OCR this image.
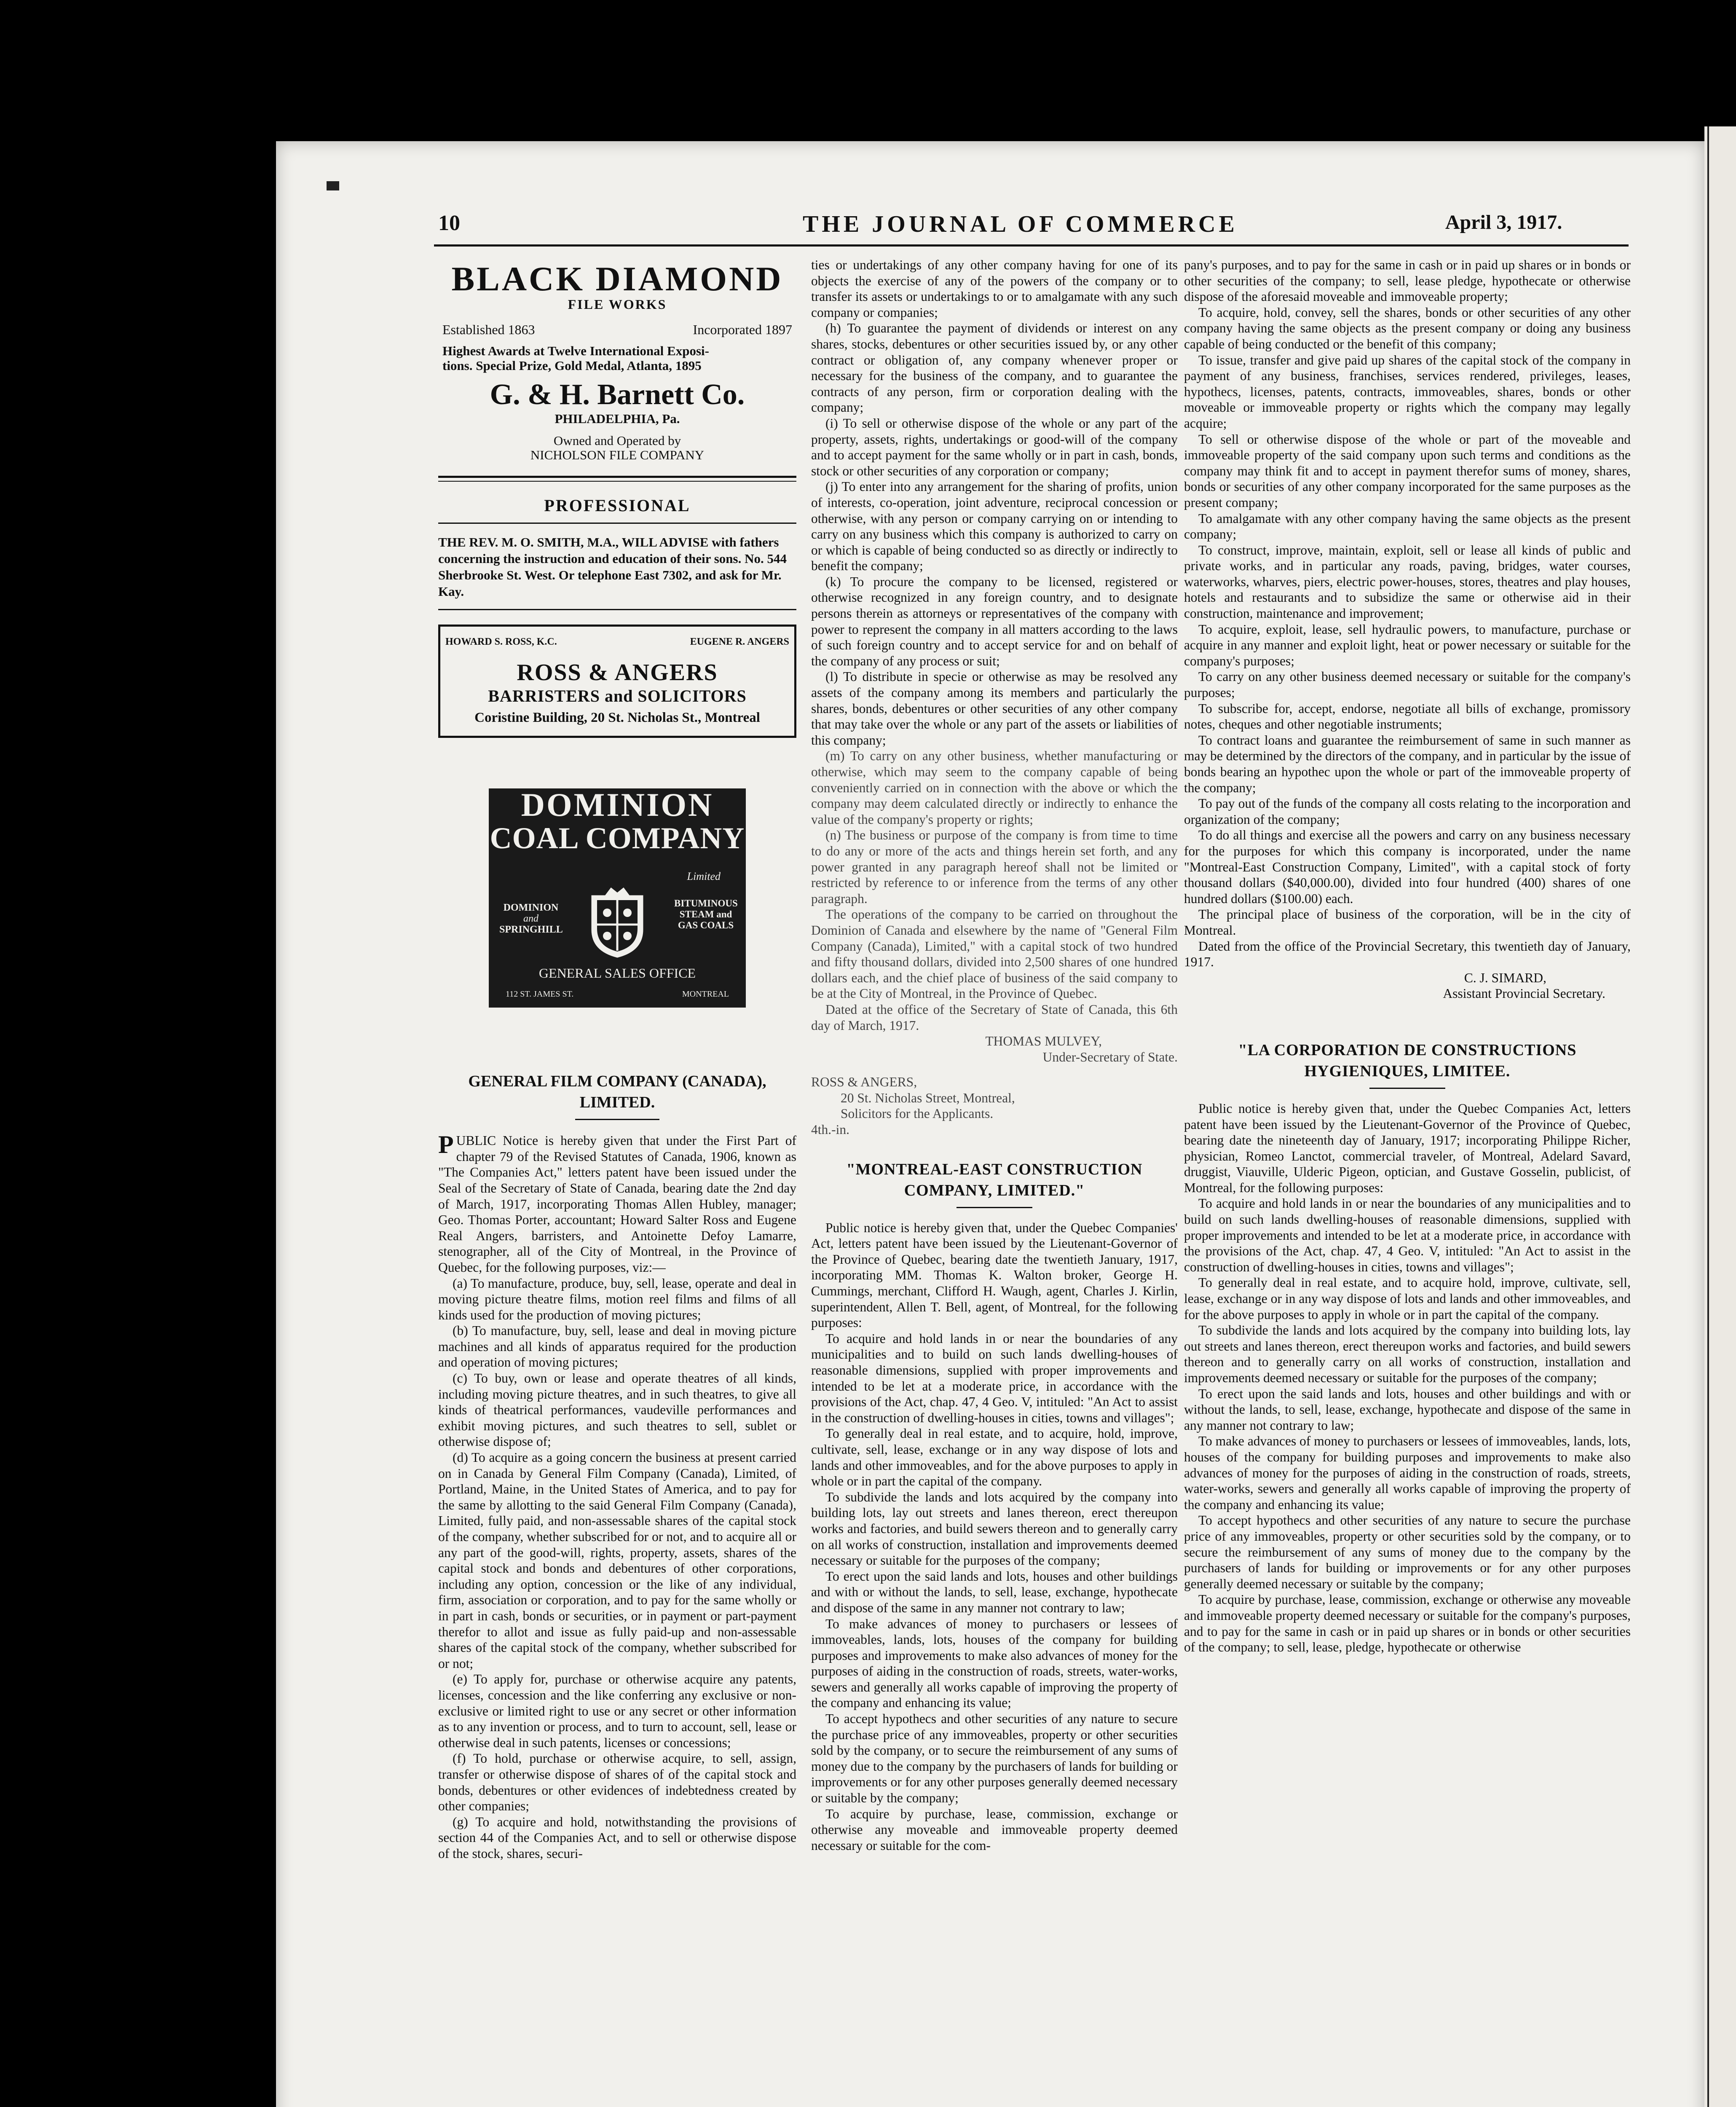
10	THE JOURNAL OF COMMERCE	April 3, 1917.
BLACK DIAMOND
FILE WORKS
Established 1863	Incorporated 1897
Highest Awards at Twelve International Exposi-
tions. Special Prize, Gold Medal, Atlanta, 1895
G. & H. Barnett Co.
PHILADELPHIA, Pa.
Owned and Operated by
NICHOLSON FILE COMPANY
PROFESSIONAL
THE REV. M. O. SMITH, M.A., WILL ADVISE with fathers concerning the instruction and education of their sons. No. 544 Sherbrooke St. West. Or telephone East 7302, and ask for Mr. Kay.
HOWARD S. ROSS, K.C.	EUGENE R. ANGERS
ROSS & ANGERS
BARRISTERS and SOLICITORS
Coristine Building, 20 St. Nicholas St., Montreal
DOMINION
COAL COMPANY
Limited
DOMINION
and
SPRINGHILL
BITUMINOUS
STEAM and
GAS COALS
GENERAL SALES OFFICE
112 ST. JAMES ST.	MONTREAL
GENERAL FILM COMPANY (CANADA), LIMITED.

PUBLIC Notice is hereby given that under the First Part of chapter 79 of the Revised Statutes of Canada, 1906, known as "The Companies Act," letters patent have been issued under the Seal of the Secretary of State of Canada, bearing date the 2nd day of March, 1917, incorporating Thomas Allen Hubley, manager; Geo. Thomas Porter, accountant; Howard Salter Ross and Eugene Real Angers, barristers, and Antoinette Defoy Lamarre, stenographer, all of the City of Montreal, in the Province of Quebec, for the following purposes, viz:—

(a) To manufacture, produce, buy, sell, lease, operate and deal in moving picture theatre films, motion reel films and films of all kinds used for the production of moving pictures;

(b) To manufacture, buy, sell, lease and deal in moving picture machines and all kinds of apparatus required for the production and operation of moving pictures;

(c) To buy, own or lease and operate theatres of all kinds, including moving picture theatres, and in such theatres, to give all kinds of theatrical performances, vaudeville performances and exhibit moving pictures, and such theatres to sell, sublet or otherwise dispose of;

(d) To acquire as a going concern the business at present carried on in Canada by General Film Company (Canada), Limited, of Portland, Maine, in the United States of America, and to pay for the same by allotting to the said General Film Company (Canada), Limited, fully paid, and non-assessable shares of the capital stock of the company, whether subscribed for or not, and to acquire all or any part of the good-will, rights, property, assets, shares of the capital stock and bonds and debentures of other corporations, including any option, concession or the like of any individual, firm, association or corporation, and to pay for the same wholly or in part in cash, bonds or securities, or in payment or part-payment therefor to allot and issue as fully paid-up and non-assessable shares of the capital stock of the company, whether subscribed for or not;

(e) To apply for, purchase or otherwise acquire any patents, licenses, concession and the like conferring any exclusive or non-exclusive or limited right to use or any secret or other information as to any invention or process, and to turn to account, sell, lease or otherwise deal in such patents, licenses or concessions;

(f) To hold, purchase or otherwise acquire, to sell, assign, transfer or otherwise dispose of shares of of the capital stock and bonds, debentures or other evidences of indebtedness created by other companies;

(g) To acquire and hold, notwithstanding the provisions of section 44 of the Companies Act, and to sell or otherwise dispose of the stock, shares, securi-

ties or undertakings of any other company having for one of its objects the exercise of any of the powers of the company or to transfer its assets or undertakings to or to amalgamate with any such company or companies;

(h) To guarantee the payment of dividends or interest on any shares, stocks, debentures or other securities issued by, or any other contract or obligation of, any company whenever proper or necessary for the business of the company, and to guarantee the contracts of any person, firm or corporation dealing with the company;

(i) To sell or otherwise dispose of the whole or any part of the property, assets, rights, undertakings or good-will of the company and to accept payment for the same wholly or in part in cash, bonds, stock or other securities of any corporation or company;

(j) To enter into any arrangement for the sharing of profits, union of interests, co-operation, joint adventure, reciprocal concession or otherwise, with any person or company carrying on or intending to carry on any business which this company is authorized to carry on or which is capable of being conducted so as directly or indirectly to benefit the company;

(k) To procure the company to be licensed, registered or otherwise recognized in any foreign country, and to designate persons therein as attorneys or representatives of the company with power to represent the company in all matters according to the laws of such foreign country and to accept service for and on behalf of the company of any process or suit;

(l) To distribute in specie or otherwise as may be resolved any assets of the company among its members and particularly the shares, bonds, debentures or other securities of any other company that may take over the whole or any part of the assets or liabilities of this company;

(m) To carry on any other business, whether manufacturing or otherwise, which may seem to the company capable of being conveniently carried on in connection with the above or which the company may deem calculated directly or indirectly to enhance the value of the company's property or rights;

(n) The business or purpose of the company is from time to time to do any or more of the acts and things herein set forth, and any power granted in any paragraph hereof shall not be limited or restricted by reference to or inference from the terms of any other paragraph.

The operations of the company to be carried on throughout the Dominion of Canada and elsewhere by the name of "General Film Company (Canada), Limited," with a capital stock of two hundred and fifty thousand dollars, divided into 2,500 shares of one hundred dollars each, and the chief place of business of the said company to be at the City of Montreal, in the Province of Quebec.

Dated at the office of the Secretary of State of Canada, this 6th day of March, 1917.

THOMAS MULVEY,
Under-Secretary of State.
ROSS & ANGERS,
20 St. Nicholas Street, Montreal,
Solicitors for the Applicants.
4th.-in.
"MONTREAL-EAST CONSTRUCTION COMPANY, LIMITED."

Public notice is hereby given that, under the Quebec Companies' Act, letters patent have been issued by the Lieutenant-Governor of the Province of Quebec, bearing date the twentieth January, 1917, incorporating MM. Thomas K. Walton broker, George H. Cummings, merchant, Clifford H. Waugh, agent, Charles J. Kirlin, superintendent, Allen T. Bell, agent, of Montreal, for the following purposes:

To acquire and hold lands in or near the boundaries of any municipalities and to build on such lands dwelling-houses of reasonable dimensions, supplied with proper improvements and intended to be let at a moderate price, in accordance with the provisions of the Act, chap. 47, 4 Geo. V, intituled: "An Act to assist in the construction of dwelling-houses in cities, towns and villages";

To generally deal in real estate, and to acquire, hold, improve, cultivate, sell, lease, exchange or in any way dispose of lots and lands and other immoveables, and for the above purposes to apply in whole or in part the capital of the company.

To subdivide the lands and lots acquired by the company into building lots, lay out streets and lanes thereon, erect thereupon works and factories, and build sewers thereon and to generally carry on all works of construction, installation and improvements deemed necessary or suitable for the purposes of the company;

To erect upon the said lands and lots, houses and other buildings and with or without the lands, to sell, lease, exchange, hypothecate and dispose of the same in any manner not contrary to law;

To make advances of money to purchasers or lessees of immoveables, lands, lots, houses of the company for building purposes and improvements to make also advances of money for the purposes of aiding in the construction of roads, streets, water-works, sewers and generally all works capable of improving the property of the company and enhancing its value;

To accept hypothecs and other securities of any nature to secure the purchase price of any immoveables, property or other securities sold by the company, or to secure the reimbursement of any sums of money due to the company by the purchasers of lands for building or improvements or for any other purposes generally deemed necessary or suitable by the company;

To acquire by purchase, lease, commission, exchange or otherwise any moveable and immoveable property deemed necessary or suitable for the com-

pany's purposes, and to pay for the same in cash or in paid up shares or in bonds or other securities of the company; to sell, lease pledge, hypothecate or otherwise dispose of the aforesaid moveable and immoveable property;

To acquire, hold, convey, sell the shares, bonds or other securities of any other company having the same objects as the present company or doing any business capable of being conducted or the benefit of this company;

To issue, transfer and give paid up shares of the capital stock of the company in payment of any business, franchises, services rendered, privileges, leases, hypothecs, licenses, patents, contracts, immoveables, shares, bonds or other moveable or immoveable property or rights which the company may legally acquire;

To sell or otherwise dispose of the whole or part of the moveable and immoveable property of the said company upon such terms and conditions as the company may think fit and to accept in payment therefor sums of money, shares, bonds or securities of any other company incorporated for the same purposes as the present company;

To amalgamate with any other company having the same objects as the present company;

To construct, improve, maintain, exploit, sell or lease all kinds of public and private works, and in particular any roads, paving, bridges, water courses, waterworks, wharves, piers, electric power-houses, stores, theatres and play houses, hotels and restaurants and to subsidize the same or otherwise aid in their construction, maintenance and improvement;

To acquire, exploit, lease, sell hydraulic powers, to manufacture, purchase or acquire in any manner and exploit light, heat or power necessary or suitable for the company's purposes;

To carry on any other business deemed necessary or suitable for the company's purposes;

To subscribe for, accept, endorse, negotiate all bills of exchange, promissory notes, cheques and other negotiable instruments;

To contract loans and guarantee the reimbursement of same in such manner as may be determined by the directors of the company, and in particular by the issue of bonds bearing an hypothec upon the whole or part of the immoveable property of the company;

To pay out of the funds of the company all costs relating to the incorporation and organization of the company;

To do all things and exercise all the powers and carry on any business necessary for the purposes for which this company is incorporated, under the name "Montreal-East Construction Company, Limited", with a capital stock of forty thousand dollars ($40,000.00), divided into four hundred (400) shares of one hundred dollars ($100.00) each.

The principal place of business of the corporation, will be in the city of Montreal.

Dated from the office of the Provincial Secretary, this twentieth day of January, 1917.

C. J. SIMARD,
Assistant Provincial Secretary.
"LA CORPORATION DE CONSTRUCTIONS HYGIENIQUES, LIMITEE.

Public notice is hereby given that, under the Quebec Companies Act, letters patent have been issued by the Lieutenant-Governor of the Province of Quebec, bearing date the nineteenth day of January, 1917; incorporating Philippe Richer, physician, Romeo Lanctot, commercial traveler, of Montreal, Adelard Savard, druggist, Viauville, Ulderic Pigeon, optician, and Gustave Gosselin, publicist, of Montreal, for the following purposes:

To acquire and hold lands in or near the boundaries of any municipalities and to build on such lands dwelling-houses of reasonable dimensions, supplied with proper improvements and intended to be let at a moderate price, in accordance with the provisions of the Act, chap. 47, 4 Geo. V, intituled: "An Act to assist in the construction of dwelling-houses in cities, towns and villages";

To generally deal in real estate, and to acquire hold, improve, cultivate, sell, lease, exchange or in any way dispose of lots and lands and other immoveables, and for the above purposes to apply in whole or in part the capital of the company.

To subdivide the lands and lots acquired by the company into building lots, lay out streets and lanes thereon, erect thereupon works and factories, and build sewers thereon and to generally carry on all works of construction, installation and improvements deemed necessary or suitable for the purposes of the company;

To erect upon the said lands and lots, houses and other buildings and with or without the lands, to sell, lease, exchange, hypothecate and dispose of the same in any manner not contrary to law;

To make advances of money to purchasers or lessees of immoveables, lands, lots, houses of the company for building purposes and improvements to make also advances of money for the purposes of aiding in the construction of roads, streets, water-works, sewers and generally all works capable of improving the property of the company and enhancing its value;

To accept hypothecs and other securities of any nature to secure the purchase price of any immoveables, property or other securities sold by the company, or to secure the reimbursement of any sums of money due to the company by the purchasers of lands for building or improvements or for any other purposes generally deemed necessary or suitable by the company;

To acquire by purchase, lease, commission, exchange or otherwise any moveable and immoveable property deemed necessary or suitable for the company's purposes, and to pay for the same in cash or in paid up shares or in bonds or other securities of the company; to sell, lease, pledge, hypothecate or otherwise
